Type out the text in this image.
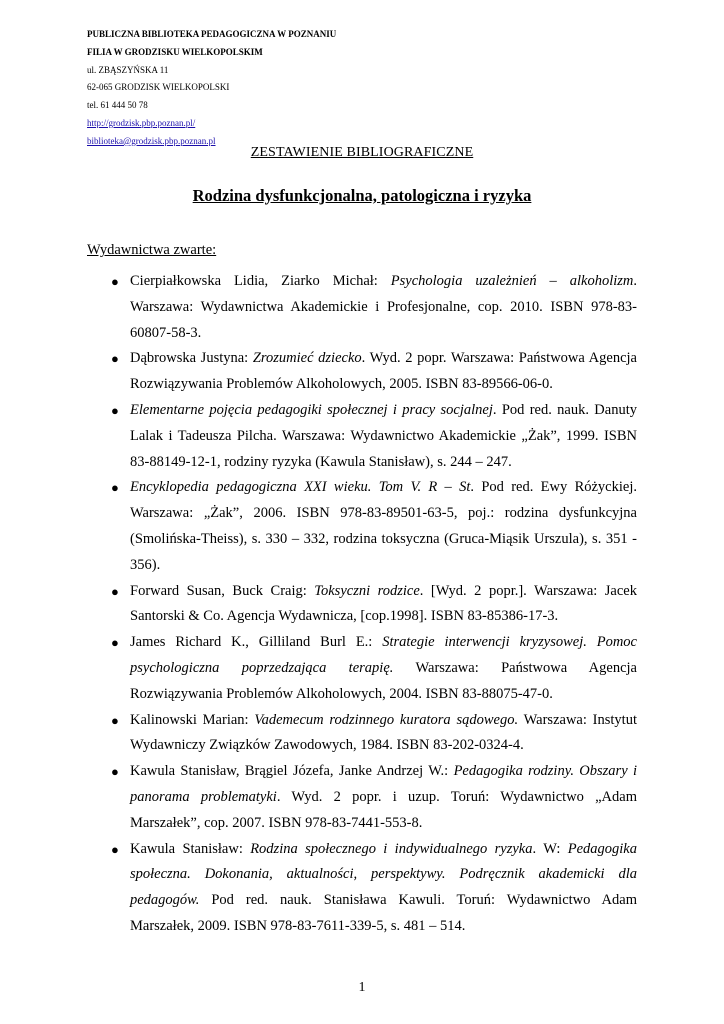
PUBLICZNA BIBLIOTEKA PEDAGOGICZNA W POZNANIU
FILIA W GRODZISKU WIELKOPOLSKIM
ul. ZBĄSZYŃSKA 11
62-065 GRODZISK WIELKOPOLSKI
tel. 61 444 50 78
http://grodzisk.pbp.poznan.pl/
biblioteka@grodzisk.pbp.poznan.pl
ZESTAWIENIE BIBLIOGRAFICZNE
Rodzina dysfunkcjonalna, patologiczna i ryzyka
Wydawnictwa zwarte:
● Cierpiałkowska Lidia, Ziarko Michał: Psychologia uzależnień – alkoholizm. Warszawa: Wydawnictwa Akademickie i Profesjonalne, cop. 2010. ISBN 978-83-60807-58-3.
● Dąbrowska Justyna: Zrozumieć dziecko. Wyd. 2 popr. Warszawa: Państwowa Agencja Rozwiązywania Problemów Alkoholowych, 2005. ISBN 83-89566-06-0.
● Elementarne pojęcia pedagogiki społecznej i pracy socjalnej. Pod red. nauk. Danuty Lalak i Tadeusza Pilcha. Warszawa: Wydawnictwo Akademickie „Żak”, 1999. ISBN 83-88149-12-1, rodziny ryzyka (Kawula Stanisław), s. 244 – 247.
● Encyklopedia pedagogiczna XXI wieku. Tom V. R – St. Pod red. Ewy Różyckiej. Warszawa: „Żak”, 2006. ISBN 978-83-89501-63-5, poj.: rodzina dysfunkcyjna (Smolińska-Theiss), s. 330 – 332, rodzina toksyczna (Gruca-Miąsik Urszula), s. 351 - 356).
● Forward Susan, Buck Craig: Toksyczni rodzice. [Wyd. 2 popr.]. Warszawa: Jacek Santorski & Co. Agencja Wydawnicza, [cop.1998]. ISBN 83-85386-17-3.
● James Richard K., Gilliland Burl E.: Strategie interwencji kryzysowej. Pomoc psychologiczna poprzedzająca terapię. Warszawa: Państwowa Agencja Rozwiązywania Problemów Alkoholowych, 2004. ISBN 83-88075-47-0.
● Kalinowski Marian: Vademecum rodzinnego kuratora sądowego. Warszawa: Instytut Wydawniczy Związków Zawodowych, 1984. ISBN 83-202-0324-4.
● Kawula Stanisław, Brągiel Józefa, Janke Andrzej W.: Pedagogika rodziny. Obszary i panorama problematyki. Wyd. 2 popr. i uzup. Toruń: Wydawnictwo „Adam Marszałek”, cop. 2007. ISBN 978-83-7441-553-8.
● Kawula Stanisław: Rodzina społecznego i indywidualnego ryzyka. W: Pedagogika społeczna. Dokonania, aktualności, perspektywy. Podręcznik akademicki dla pedagogów. Pod red. nauk. Stanisława Kawuli. Toruń: Wydawnictwo Adam Marszałek, 2009. ISBN 978-83-7611-339-5, s. 481 – 514.
1
